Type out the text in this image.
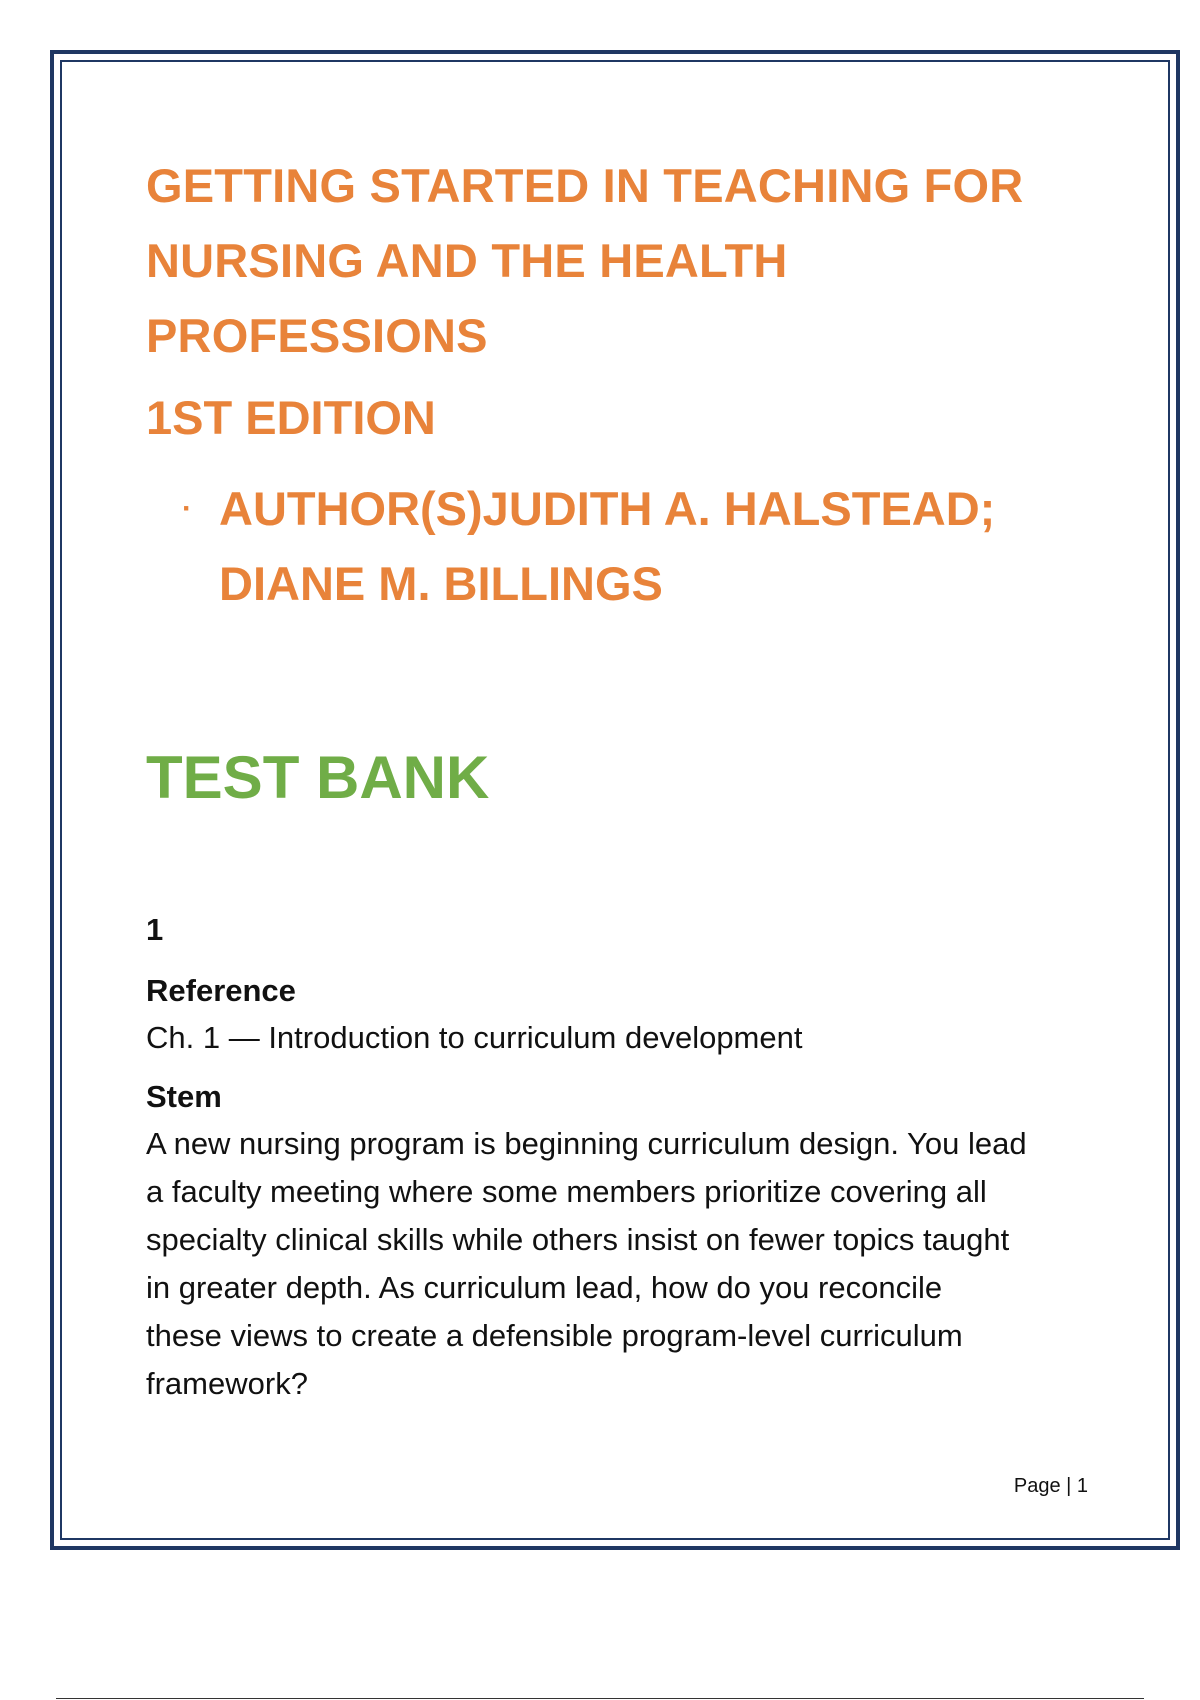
GETTING STARTED IN TEACHING FOR
NURSING AND THE HEALTH
PROFESSIONS
1ST EDITION
· AUTHOR(S)JUDITH A. HALSTEAD;
DIANE M. BILLINGS
TEST BANK
1
Reference
Ch. 1 — Introduction to curriculum development
Stem
A new nursing program is beginning curriculum design. You lead
a faculty meeting where some members prioritize covering all
specialty clinical skills while others insist on fewer topics taught
in greater depth. As curriculum lead, how do you reconcile
these views to create a defensible program-level curriculum
framework?
Page | 1
